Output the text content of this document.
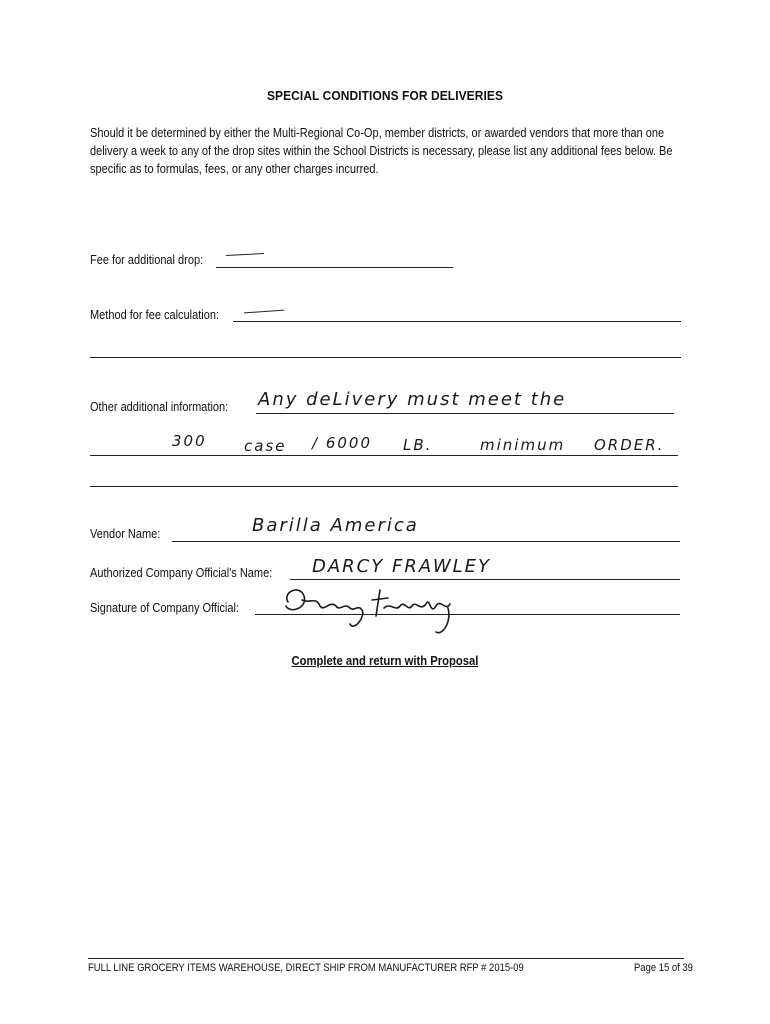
SPECIAL CONDITIONS FOR DELIVERIES
Should it be determined by either the Multi-Regional Co-Op, member districts, or awarded vendors that more than one delivery a week to any of the drop sites within the School Districts is necessary, please list any additional fees below. Be specific as to formulas, fees, or any other charges incurred.
Fee for additional drop:
Method for fee calculation:
Other additional information: Any deLivery must meet the
300 case / 6000 LB.	minimum ORDER.
Vendor Name:	Barilla America
Authorized Company Official's Name: DARCY FRAWLEY
Signature of Company Official:
Complete and return with Proposal
FULL LINE GROCERY ITEMS WAREHOUSE, DIRECT SHIP FROM MANUFACTURER RFP # 2015-09	Page 15 of 39
